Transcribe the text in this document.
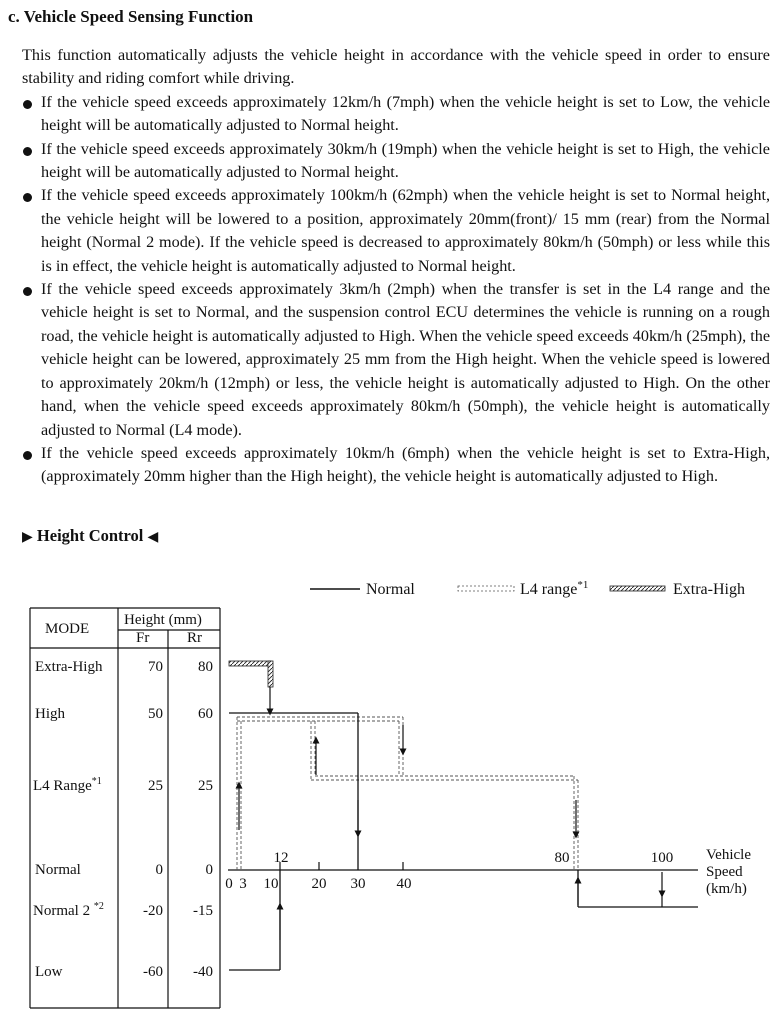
c. Vehicle Speed Sensing Function

This function automatically adjusts the vehicle height in accordance with the vehicle speed in order to ensure stability and riding comfort while driving.

If the vehicle speed exceeds approximately 12km/h (7mph) when the vehicle height is set to Low, the vehicle height will be automatically adjusted to Normal height.
If the vehicle speed exceeds approximately 30km/h (19mph) when the vehicle height is set to High, the vehicle height will be automatically adjusted to Normal height.
If the vehicle speed exceeds approximately 100km/h (62mph) when the vehicle height is set to Normal height, the vehicle height will be lowered to a position, approximately 20mm(front)/ 15 mm (rear) from the Normal height (Normal 2 mode). If the vehicle speed is decreased to approximately 80km/h (50mph) or less while this is in effect, the vehicle height is automatically adjusted to Normal height.
If the vehicle speed exceeds approximately 3km/h (2mph) when the transfer is set in the L4 range and the vehicle height is set to Normal, and the suspension control ECU determines the vehicle is running on a rough road, the vehicle height is automatically adjusted to High. When the vehicle speed exceeds 40km/h (25mph), the vehicle height can be lowered, approximately 25 mm from the High height. When the vehicle speed is lowered to approximately 20km/h (12mph) or less, the vehicle height is automatically adjusted to High. On the other hand, when the vehicle speed exceeds approximately 80km/h (50mph), the vehicle height is automatically adjusted to Normal (L4 mode).
If the vehicle speed exceeds approximately 10km/h (6mph) when the vehicle height is set to Extra-High, (approximately 20mm higher than the High height), the vehicle height is automatically adjusted to High.
▶ Height Control ◀
Normal	L4 range$^{*1}$	Extra-High
MODE
Height (mm)
Fr	Rr
Extra-High	70 80
High	50 60
L4 Range$^{*1}$	25 25
Normal	0	0
Normal 2 $^{*2}$	-20 -15
Low	-60 -40
0 3 10 20 30 40
12	80	100 Vehicle
Speed
(km/h)
